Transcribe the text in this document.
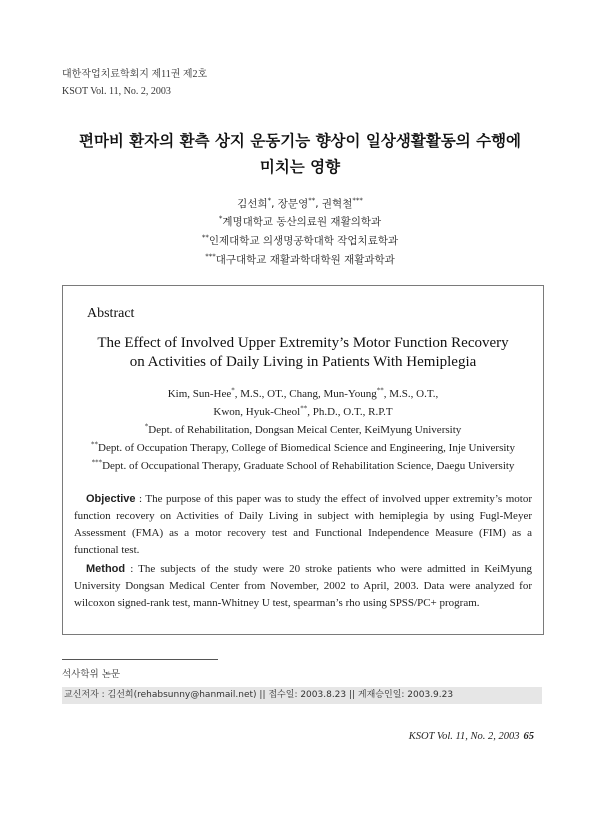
대한작업치료학회지 제11권 제2호
KSOT Vol. 11, No. 2, 2003
편마비 환자의 환측 상지 운동기능 향상이 일상생활활동의 수행에
미치는 영향
김선희*, 장문영**, 권혁철***
*계명대학교 동산의료원 재활의학과
**인제대학교 의생명공학대학 작업치료학과
***대구대학교 재활과학대학원 재활과학과
Abstract
The Effect of Involved Upper Extremity’s Motor Function Recovery
on Activities of Daily Living in Patients With Hemiplegia
Kim, Sun-Hee*, M.S., OT., Chang, Mun-Young**, M.S., O.T.,
Kwon, Hyuk-Cheol**, Ph.D., O.T., R.P.T
*Dept. of Rehabilitation, Dongsan Meical Center, KeiMyung University
**Dept. of Occupation Therapy, College of Biomedical Science and Engineering, Inje University
***Dept. of Occupational Therapy, Graduate School of Rehabilitation Science, Daegu University
Objective : The purpose of this paper was to study the effect of involved upper extremity’s motor function recovery on Activities of Daily Living in subject with hemiplegia by using Fugl-Meyer Assessment (FMA) as a motor recovery test and Functional Independence Measure (FIM) as a functional test.
Method : The subjects of the study were 20 stroke patients who were admitted in KeiMyung University Dongsan Medical Center from November, 2002 to April, 2003. Data were analyzed for wilcoxon signed-rank test, mann-Whitney U test, spearman’s rho using SPSS/PC+ program.
석사학위 논문
교신저자 : 김선희(rehabsunny@hanmail.net) || 접수일: 2003.8.23 || 게재승인일: 2003.9.23
KSOT Vol. 11, No. 2, 2003 65
